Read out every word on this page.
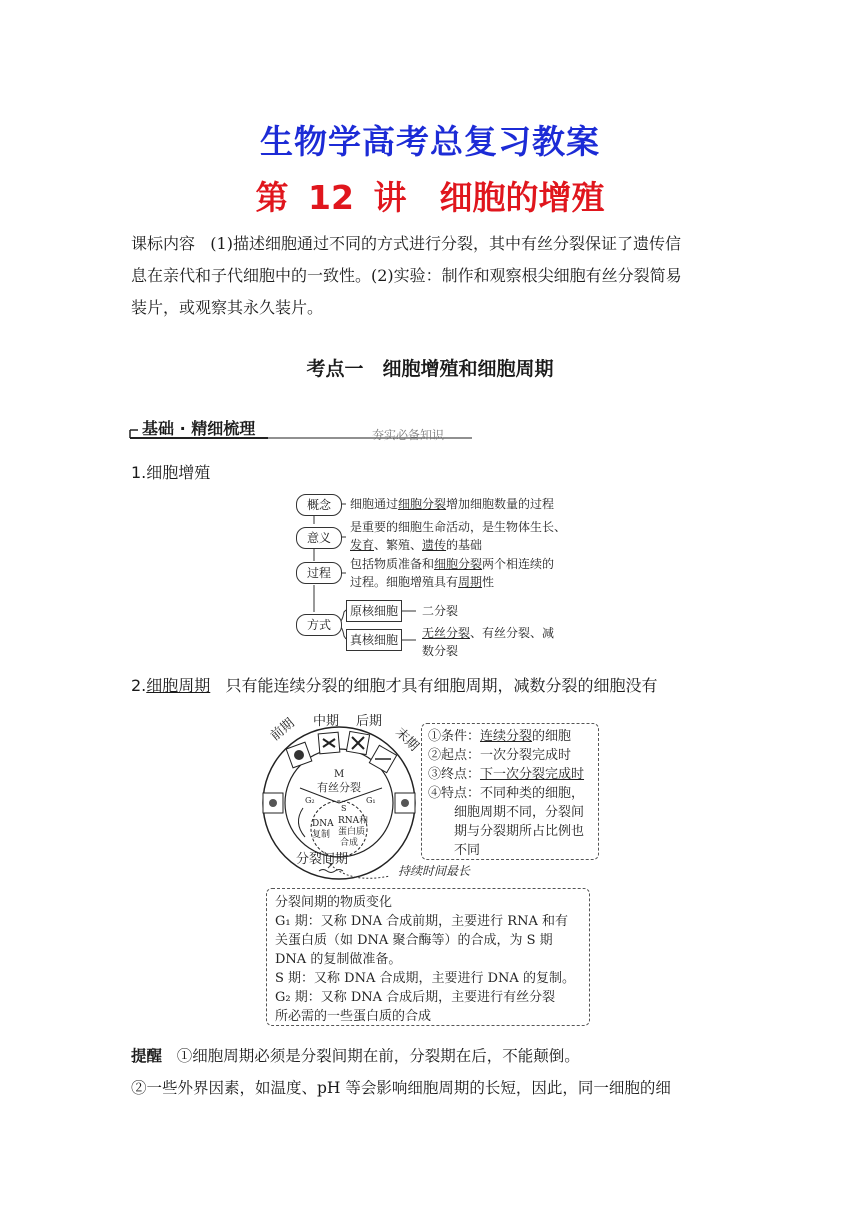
生物学高考总复习教案
第 12 讲　细胞的增殖
课标内容 (1)描述细胞通过不同的方式进行分裂，其中有丝分裂保证了遗传信
息在亲代和子代细胞中的一致性。(2)实验：制作和观察根尖细胞有丝分裂简易
装片，或观察其永久装片。
考点一　细胞增殖和细胞周期
基础 · 精细梳理	夯实必备知识
1.细胞增殖
概念	细胞通过细胞分裂增加细胞数量的过程
意义
是重要的细胞生命活动，是生物体生长、
发育、繁殖、遗传的基础
过程
包括物质准备和细胞分裂两个相连续的
过程。细胞增殖具有周期性
方式
原核细胞	二分裂
真核细胞	无丝分裂、有丝分裂、减
数分裂
2.细胞周期 只有能连续分裂的细胞才具有细胞周期，减数分裂的细胞没有
前期 中期 后期
末期
M
有丝分裂
G₂	G₁
S
DNA
复制
RNA和
蛋白质
合成
分裂间期
①条件：连续分裂的细胞
②起点：一次分裂完成时
③终点：下一次分裂完成时
④特点：不同种类的细胞，
细胞周期不同，分裂间
期与分裂期所占比例也
不同
持续时间最长
分裂间期的物质变化
G₁ 期：又称 DNA 合成前期，主要进行 RNA 和有
关蛋白质（如 DNA 聚合酶等）的合成，为 S 期
DNA 的复制做准备。
S 期：又称 DNA 合成期，主要进行 DNA 的复制。
G₂ 期：又称 DNA 合成后期，主要进行有丝分裂
所必需的一些蛋白质的合成
提醒 ①细胞周期必须是分裂间期在前，分裂期在后，不能颠倒。
②一些外界因素，如温度、pH 等会影响细胞周期的长短，因此，同一细胞的细
